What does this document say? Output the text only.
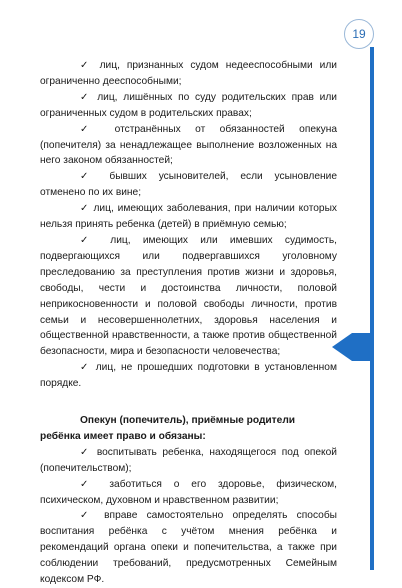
19

✓ лиц, признанных судом недееспособными или ограниченно дееспособными;

✓ лиц, лишённых по суду родительских прав или ограниченных судом в родительских правах;

✓ отстранённых от обязанностей опекуна (попечителя) за ненадлежащее выполнение возложенных на него законом обязанностей;

✓ бывших усыновителей, если усыновление отменено по их вине;

✓ лиц, имеющих заболевания, при наличии которых нельзя принять ребенка (детей) в приёмную семью;

✓ лиц, имеющих или имевших судимость, подвергающихся или подвергавшихся уголовному преследованию за преступления против жизни и здоровья, свободы, чести и достоинства личности, половой неприкосновенности и половой свободы личности, против семьи и несовершеннолетних, здоровья населения и общественной нравственности, а также против общественной безопасности, мира и безопасности человечества;

✓ лиц, не прошедших подготовки в установленном порядке.

Опекун (попечитель), приёмные родители ребёнка имеет право и обязаны:

✓ воспитывать ребенка, находящегося под опекой (попечительством);

✓ заботиться о его здоровье, физическом, психическом, духовном и нравственном развитии;

✓ вправе самостоятельно определять способы воспитания ребёнка с учётом мнения ребёнка и рекомендаций органа опеки и попечительства, а также при соблюдении требований, предусмотренных Семейным кодексом РФ.
